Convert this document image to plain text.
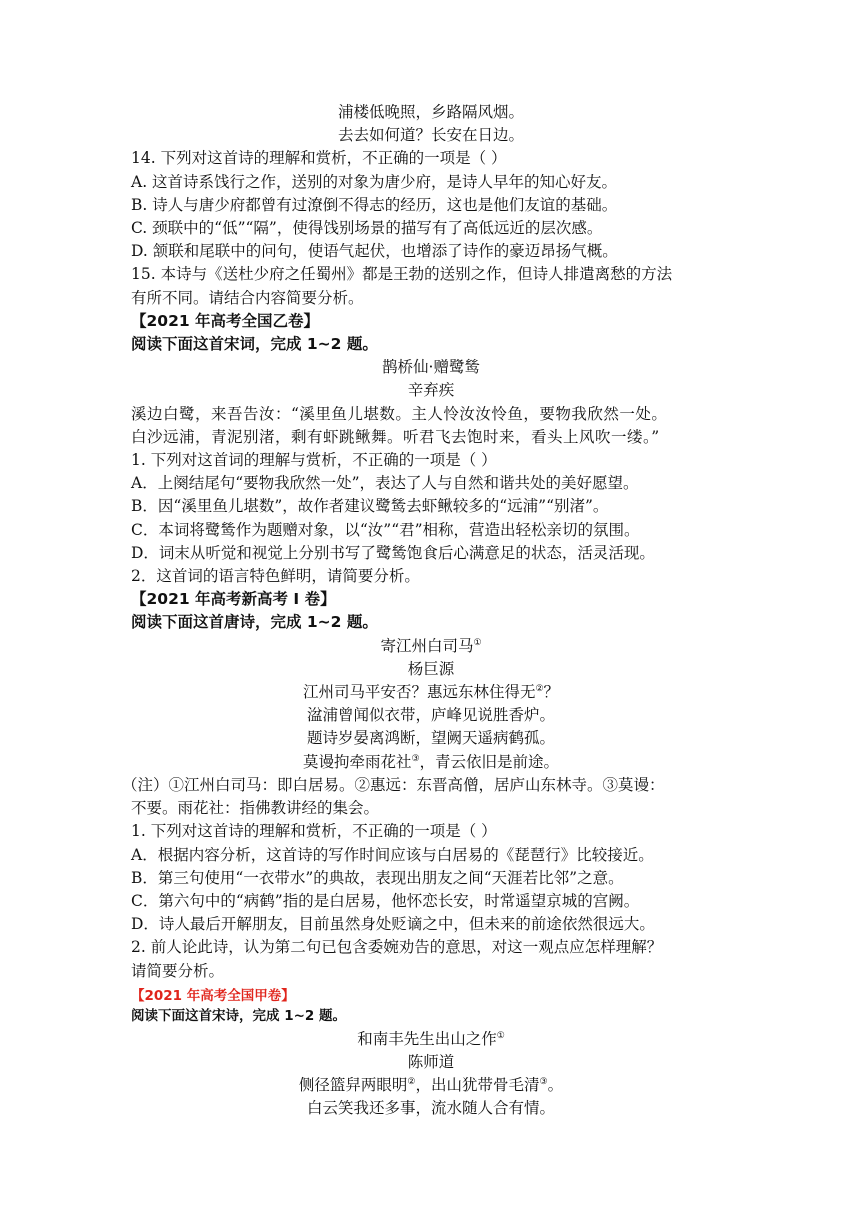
浦楼低晚照，乡路隔风烟。
去去如何道？长安在日边。
14. 下列对这首诗的理解和赏析，不正确的一项是（ ）
A. 这首诗系饯行之作，送别的对象为唐少府，是诗人早年的知心好友。
B. 诗人与唐少府都曾有过潦倒不得志的经历，这也是他们友谊的基础。
C. 颈联中的“低”“隔”，使得饯别场景的描写有了高低远近的层次感。
D. 颔联和尾联中的问句，使语气起伏，也增添了诗作的豪迈昂扬气概。
15. 本诗与《送杜少府之任蜀州》都是王勃的送别之作，但诗人排遣离愁的方法
有所不同。请结合内容简要分析。
【2021 年高考全国乙卷】
阅读下面这首宋词，完成 1~2 题。
鹊桥仙·赠鹭鸶
辛弃疾
溪边白鹭，来吾告汝：“溪里鱼儿堪数。主人怜汝汝怜鱼，要物我欣然一处。
白沙远浦，青泥别渚，剩有虾跳鳅舞。听君飞去饱时来，看头上风吹一缕。”
1. 下列对这首词的理解与赏析，不正确的一项是（ ）
A．上阕结尾句“要物我欣然一处”，表达了人与自然和谐共处的美好愿望。
B．因“溪里鱼儿堪数”，故作者建议鹭鸶去虾鳅较多的“远浦”“别渚”。
C．本词将鹭鸶作为题赠对象，以“汝”“君”相称，营造出轻松亲切的氛围。
D．词末从听觉和视觉上分别书写了鹭鸶饱食后心满意足的状态，活灵活现。
2．这首词的语言特色鲜明，请简要分析。
【2021 年高考新高考 I 卷】
阅读下面这首唐诗，完成 1~2 题。
寄江州白司马①
杨巨源
江州司马平安否？惠远东林住得无②？
湓浦曾闻似衣带，庐峰见说胜香炉。
题诗岁晏离鸿断，望阙天遥病鹤孤。
莫谩拘牵雨花社③，青云依旧是前途。
（注）①江州白司马：即白居易。②惠远：东晋高僧，居庐山东林寺。③莫谩：
不要。雨花社：指佛教讲经的集会。
1. 下列对这首诗的理解和赏析，不正确的一项是（ ）
A．根据内容分析，这首诗的写作时间应该与白居易的《琵琶行》比较接近。
B．第三句使用“一衣带水”的典故，表现出朋友之间“天涯若比邻”之意。
C．第六句中的“病鹤”指的是白居易，他怀恋长安，时常遥望京城的宫阙。
D．诗人最后开解朋友，目前虽然身处贬谪之中，但未来的前途依然很远大。
2. 前人论此诗，认为第二句已包含委婉劝告的意思，对这一观点应怎样理解？
请简要分析。
【2021 年高考全国甲卷】
阅读下面这首宋诗，完成 1~2 题。
和南丰先生出山之作①
陈师道
侧径篮舁两眼明②，出山犹带骨毛清③。
白云笑我还多事，流水随人合有情。
